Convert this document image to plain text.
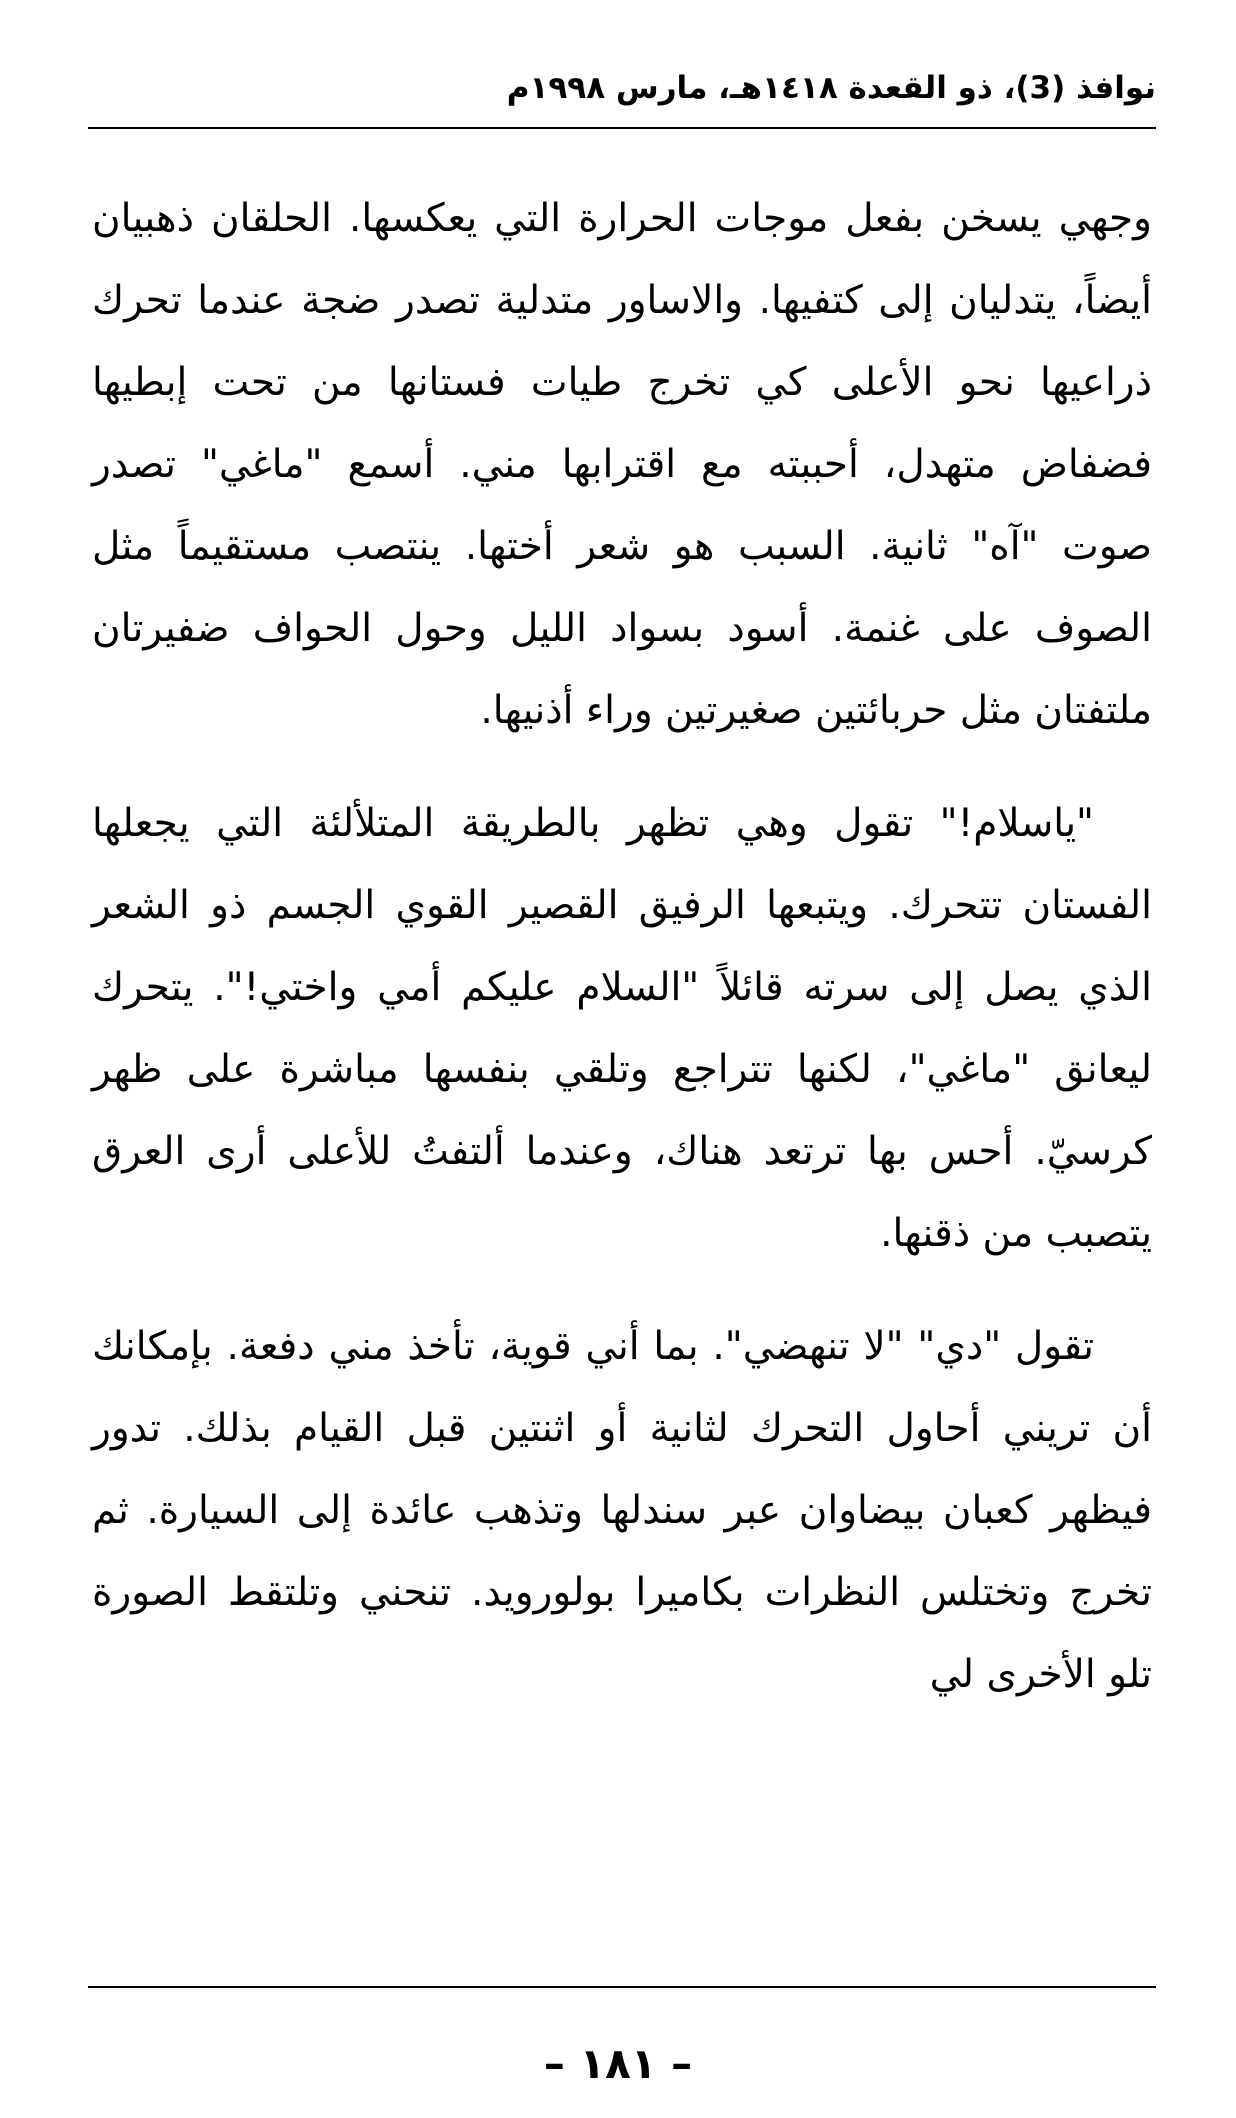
نوافذ (3)، ذو القعدة ١٤١٨هـ، مارس ١٩٩٨م

وجهي يسخن بفعل موجات الحرارة التي يعكسها. الحلقان ذهبيان أيضاً، يتدليان إلى كتفيها. والاساور متدلية تصدر ضجة عندما تحرك ذراعيها نحو الأعلى كي تخرج طيات فستانها من تحت إبطيها فضفاض متهدل، أحببته مع اقترابها مني. أسمع "ماغي" تصدر صوت "آه" ثانية. السبب هو شعر أختها. ينتصب مستقيماً مثل الصوف على غنمة. أسود بسواد الليل وحول الحواف ضفيرتان ملتفتان مثل حربائتين صغيرتين وراء أذنيها.

"ياسلام!" تقول وهي تظهر بالطريقة المتلألئة التي يجعلها الفستان تتحرك. ويتبعها الرفيق القصير القوي الجسم ذو الشعر الذي يصل إلى سرته قائلاً "السلام عليكم أمي واختي!". يتحرك ليعانق "ماغي"، لكنها تتراجع وتلقي بنفسها مباشرة على ظهر كرسيّ. أحس بها ترتعد هناك، وعندما ألتفتُ للأعلى أرى العرق يتصبب من ذقنها.

تقول "دي" "لا تنهضي". بما أني قوية، تأخذ مني دفعة. بإمكانك أن تريني أحاول التحرك لثانية أو اثنتين قبل القيام بذلك. تدور فيظهر كعبان بيضاوان عبر سندلها وتذهب عائدة إلى السيارة. ثم تخرج وتختلس النظرات بكاميرا بولورويد. تنحني وتلتقط الصورة تلو الأخرى لي

– ١٨١ –
